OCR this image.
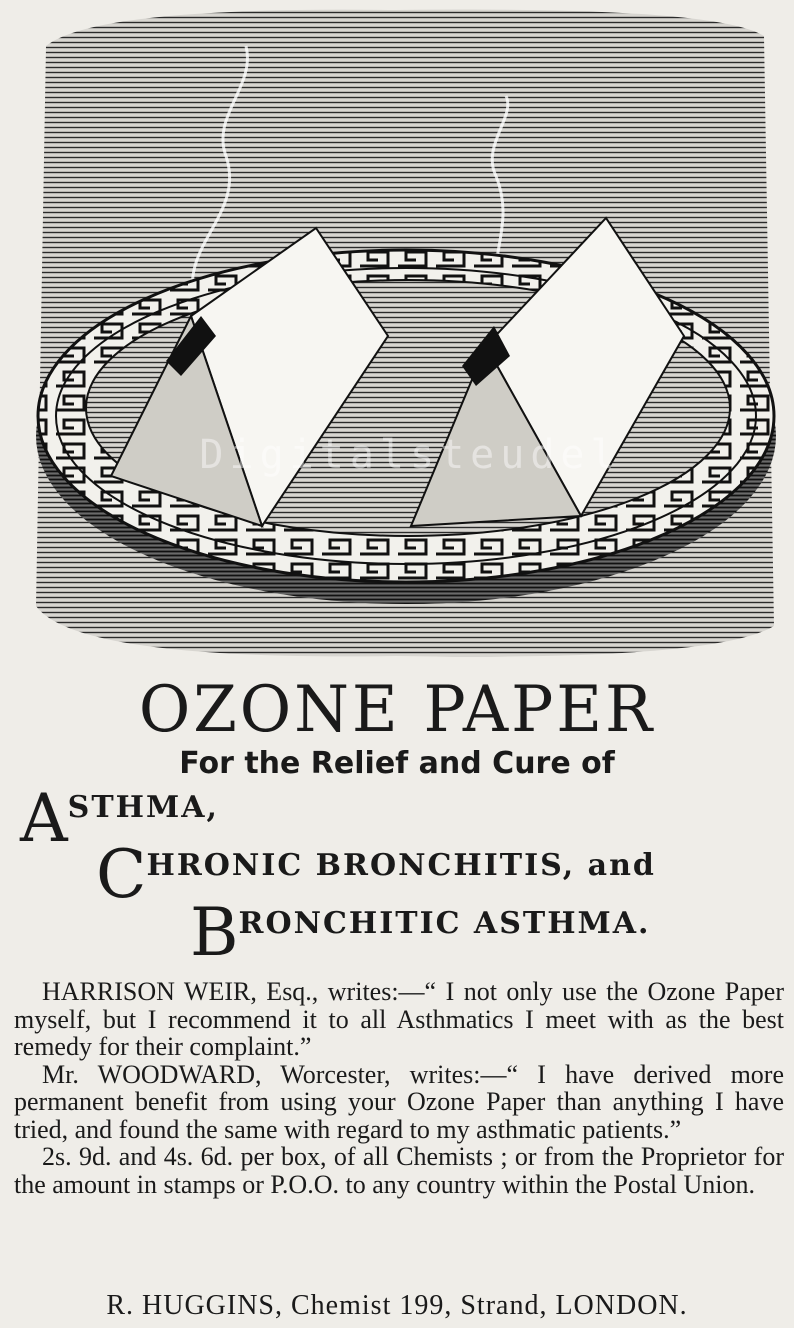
Digitalsteudel
OZONE PAPER
For the Relief and Cure of
ASTHMA,
CHRONIC BRONCHITIS, and
BRONCHITIC ASTHMA.

HARRISON WEIR, Esq., writes:—“ I not only use the Ozone Paper myself, but I recommend it to all Asthmatics I meet with as the best remedy for their complaint.”

Mr. WOODWARD, Worcester, writes:—“ I have derived more permanent benefit from using your Ozone Paper than anything I have tried, and found the same with regard to my asthmatic patients.”

2s. 9d. and 4s. 6d. per box, of all Chemists ; or from the Proprietor for the amount in stamps or P.O.O. to any country within the Postal Union.

R. HUGGINS, Chemist 199, Strand, LONDON.
